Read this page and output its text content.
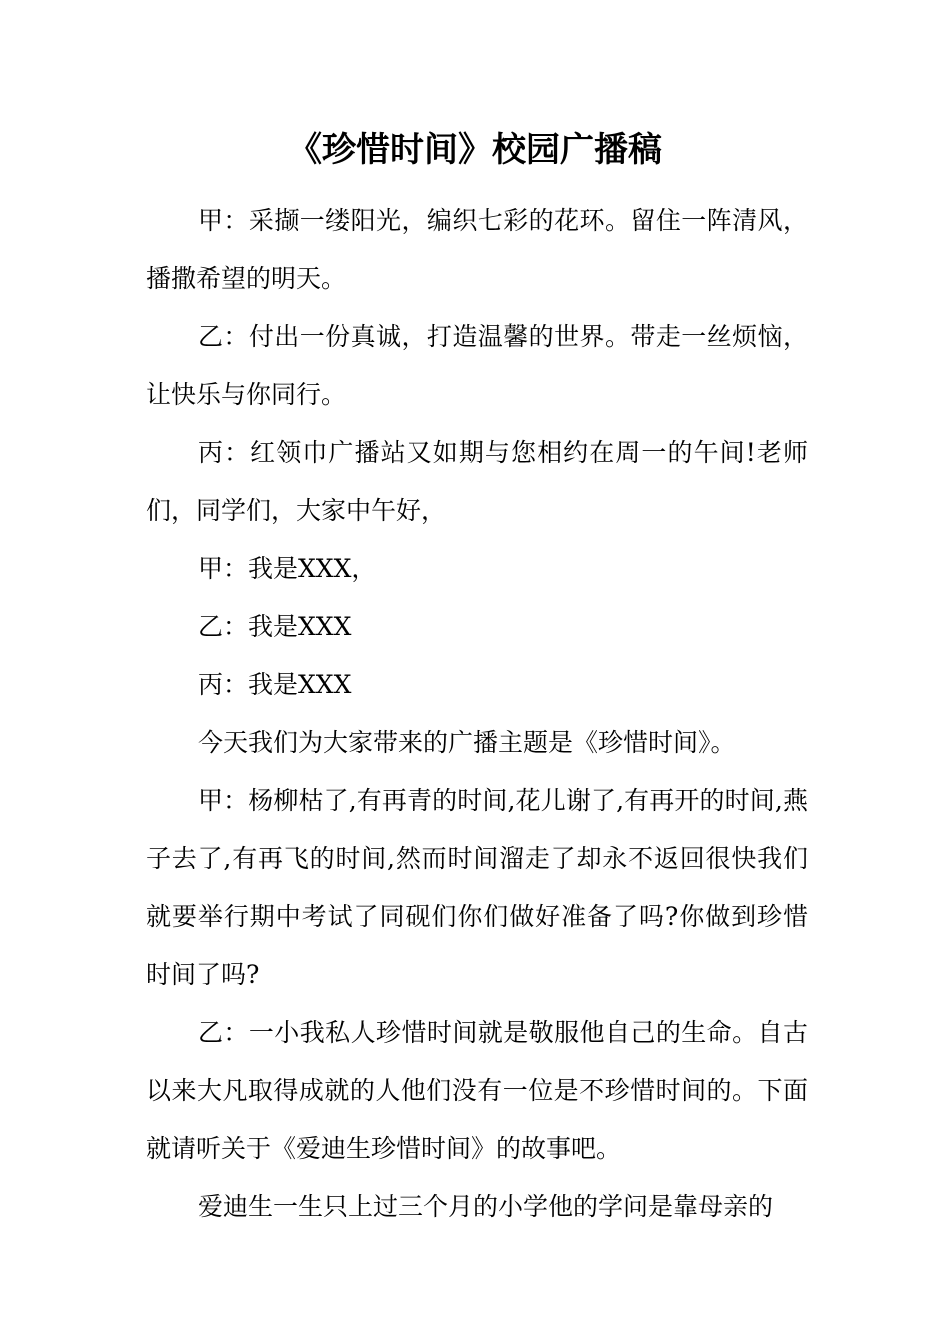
《珍惜时间》校园广播稿

甲：采撷一缕阳光，编织七彩的花环。留住一阵清风，播撒希望的明天。

乙：付出一份真诚，打造温馨的世界。带走一丝烦恼，让快乐与你同行。

丙：红领巾广播站又如期与您相约在周一的午间!老师们，同学们，大家中午好，

甲：我是XXX，

乙：我是XXX

丙：我是XXX

今天我们为大家带来的广播主题是《珍惜时间》。

甲：杨柳枯了,有再青的时间,花儿谢了,有再开的时间,燕子去了,有再飞的时间,然而时间溜走了却永不返回很快我们就要举行期中考试了同砚们你们做好准备了吗?你做到珍惜时间了吗?

乙：一小我私人珍惜时间就是敬服他自己的生命。自古以来大凡取得成就的人他们没有一位是不珍惜时间的。下面就请听关于《爱迪生珍惜时间》的故事吧。

爱迪生一生只上过三个月的小学他的学问是靠母亲的
